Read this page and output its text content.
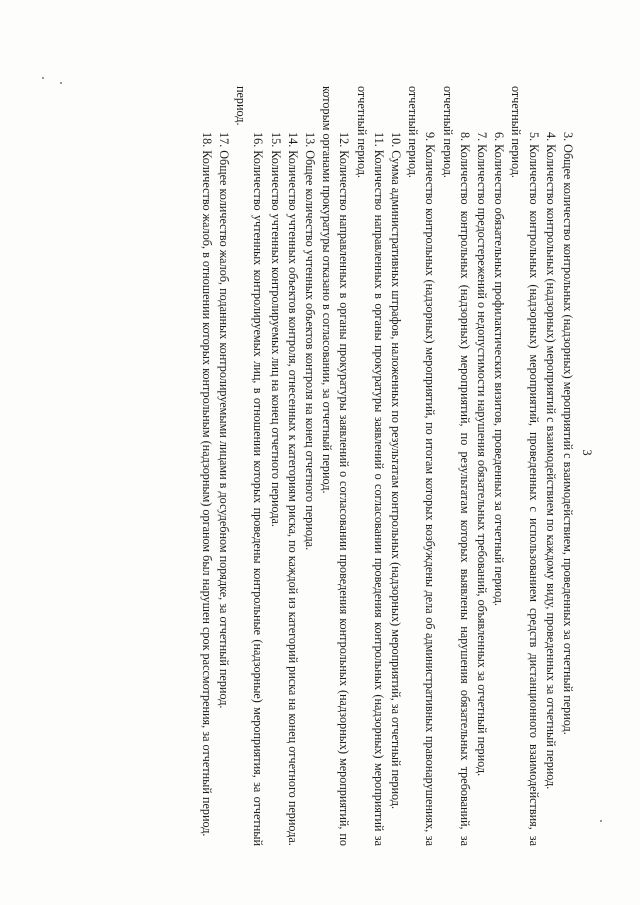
3

3.Общее количество контрольных (надзорных) мероприятий с взаимодействием, проведенных за отчетный период.

4.Количество контрольных (надзорных) мероприятий с взаимодействием по каждому виду, проведенных за отчетный период.

5.Количество контрольных (надзорных) мероприятий, проведенных с использованием средств дистанционного взаимодействия, за отчетный период.

6.Количество обязательных профилактических визитов, проведенных за отчетный период.

7.Количество предостережений о недопустимости нарушения обязательных требований, объявленных за отчетный период.

8.Количество контрольных (надзорных) мероприятий, по результатам которых выявлены нарушения обязательных требований, за отчетный период.

9.Количество контрольных (надзорных) мероприятий, по итогам которых возбуждены дела об административных правонарушениях, за отчетный период.

10.Сумма административных штрафов, наложенных по результатам контрольных (надзорных) мероприятий, за отчетный период.

11.Количество направленных в органы прокуратуры заявлений о согласовании проведения контрольных (надзорных) мероприятий за отчетный период.

12.Количество направленных в органы прокуратуры заявлений о согласовании проведения контрольных (надзорных) мероприятий, по которым органами прокуратуры отказано в согласовании, за отчетный период.

13.Общее количество учтенных объектов контроля на конец отчетного периода.

14.Количество учтенных объектов контроля, отнесенных к категориям риска, по каждой из категорий риска на конец отчетного периода.

15.Количество учтенных контролируемых лиц на конец отчетного периода.

16.Количество учтенных контролируемых лиц, в отношении которых проведены контрольные (надзорные) мероприятия, за отчетный период.

17.Общее количество жалоб, поданных контролируемыми лицами в досудебном порядке, за отчетный период.

18.Количество жалоб, в отношении которых контрольным (надзорным) органом был нарушен срок рассмотрения, за отчетный период.
